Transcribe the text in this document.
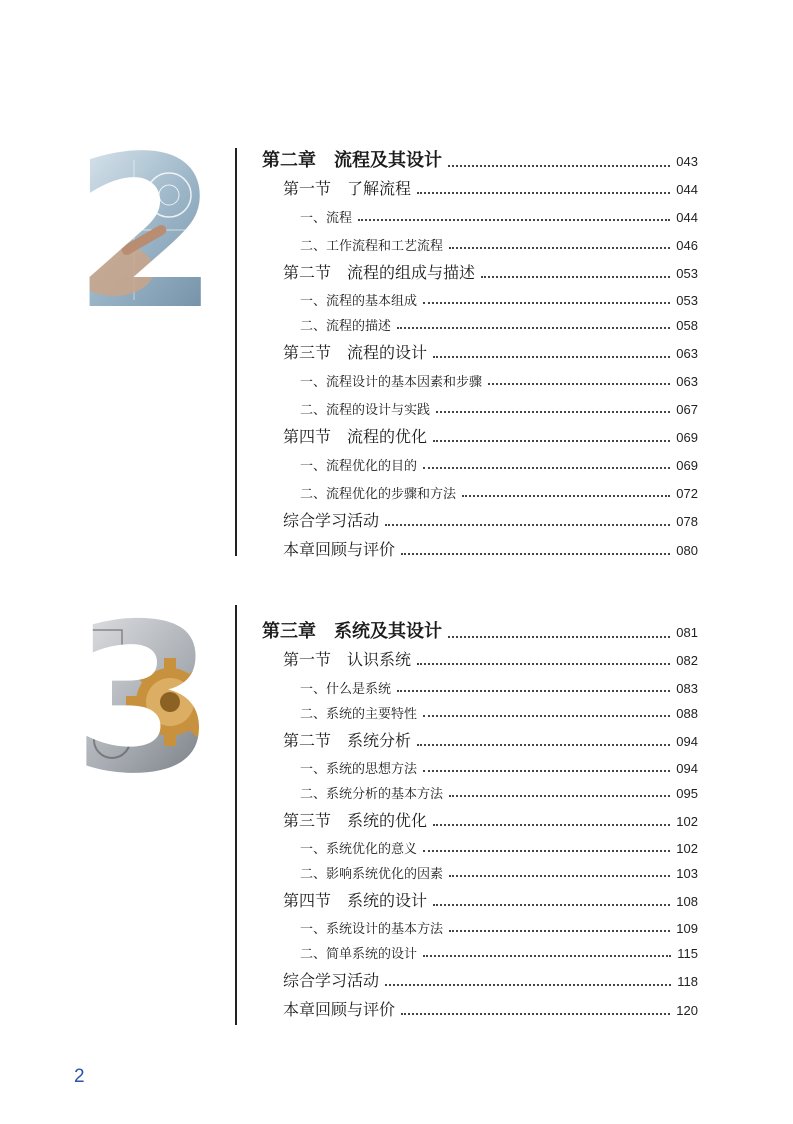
第二章　流程及其设计	043
第一节　了解流程	044
一、流程	044
二、工作流程和工艺流程	046
第二节　流程的组成与描述	053
一、流程的基本组成	053
二、流程的描述	058
第三节　流程的设计	063
一、流程设计的基本因素和步骤	063
二、流程的设计与实践	067
第四节　流程的优化	069
一、流程优化的目的	069
二、流程优化的步骤和方法	072
综合学习活动	078
本章回顾与评价	080
第三章　系统及其设计	081
第一节　认识系统	082
一、什么是系统	083
二、系统的主要特性	088
第二节　系统分析	094
一、系统的思想方法	094
二、系统分析的基本方法	095
第三节　系统的优化	102
一、系统优化的意义	102
二、影响系统优化的因素	103
第四节　系统的设计	108
一、系统设计的基本方法	109
二、简单系统的设计	115
综合学习活动	118
本章回顾与评价	120
2
